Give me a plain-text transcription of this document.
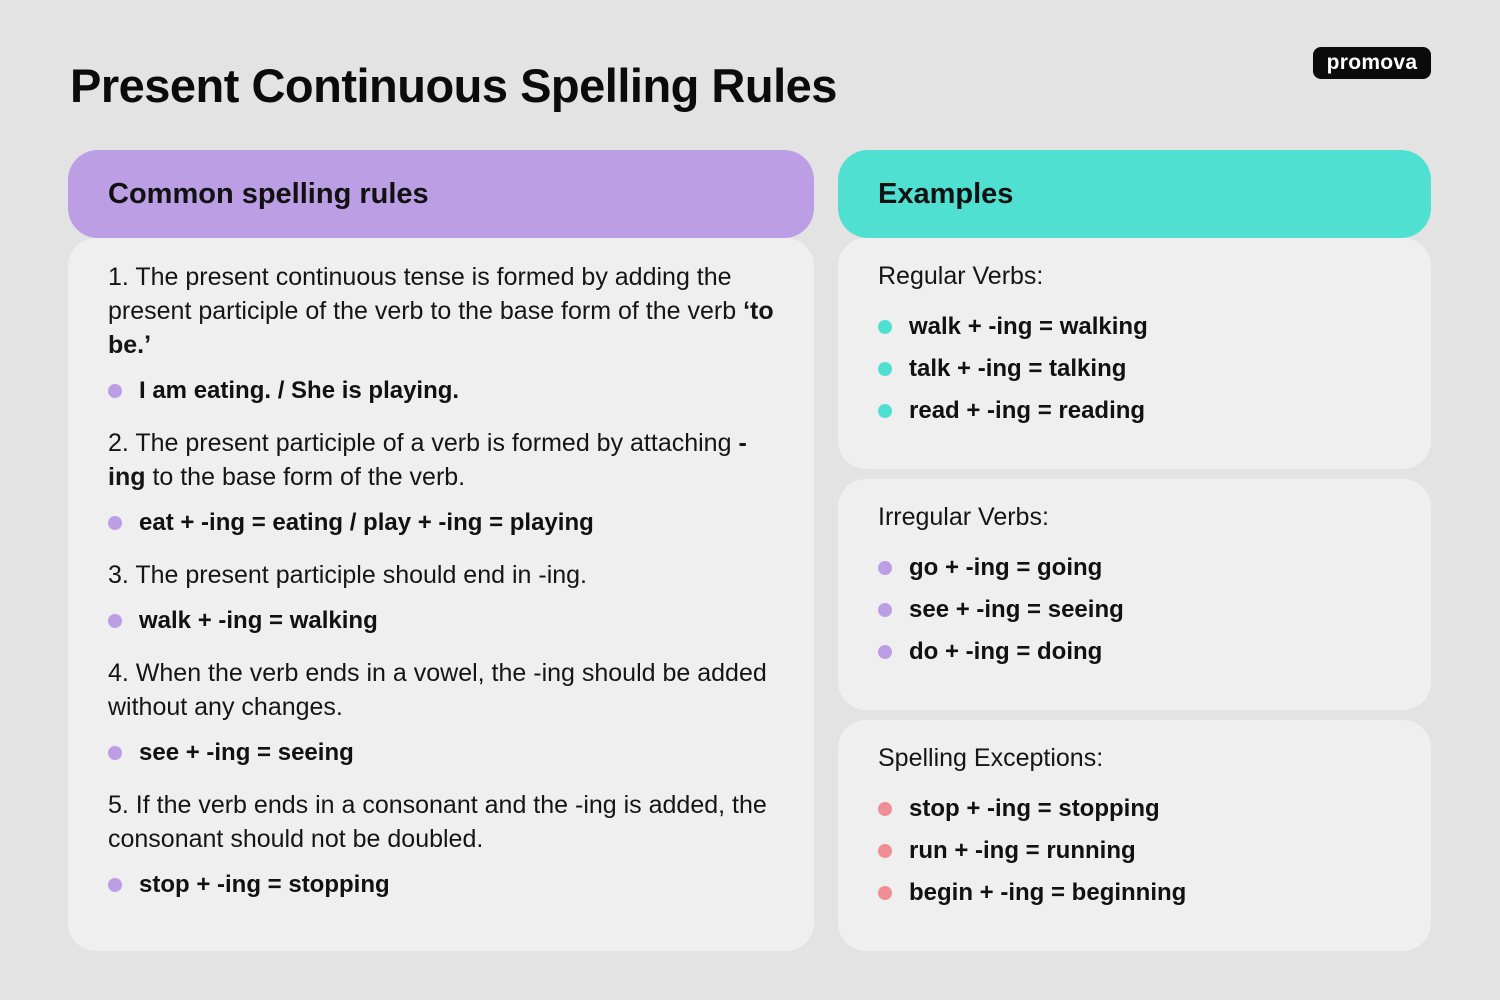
Present Continuous Spelling Rules	promova
Common spelling rules	Examples
1. The present continuous tense is formed by adding the present participle of the verb to the base form of the verb ‘to be.’
I am eating. / She is playing.
2. The present participle of a verb is formed by attaching -ing to the base form of the verb.
eat + -ing = eating / play + -ing = playing
3. The present participle should end in -ing.
walk + -ing = walking
4. When the verb ends in a vowel, the -ing should be added without any changes.
see + -ing = seeing
5. If the verb ends in a consonant and the -ing is added, the consonant should not be doubled.
stop + -ing = stopping
Regular Verbs:
walk + -ing = walking
talk + -ing = talking
read + -ing = reading
Irregular Verbs:
go + -ing = going
see + -ing = seeing
do + -ing = doing
Spelling Exceptions:
stop + -ing = stopping
run + -ing = running
begin + -ing = beginning
